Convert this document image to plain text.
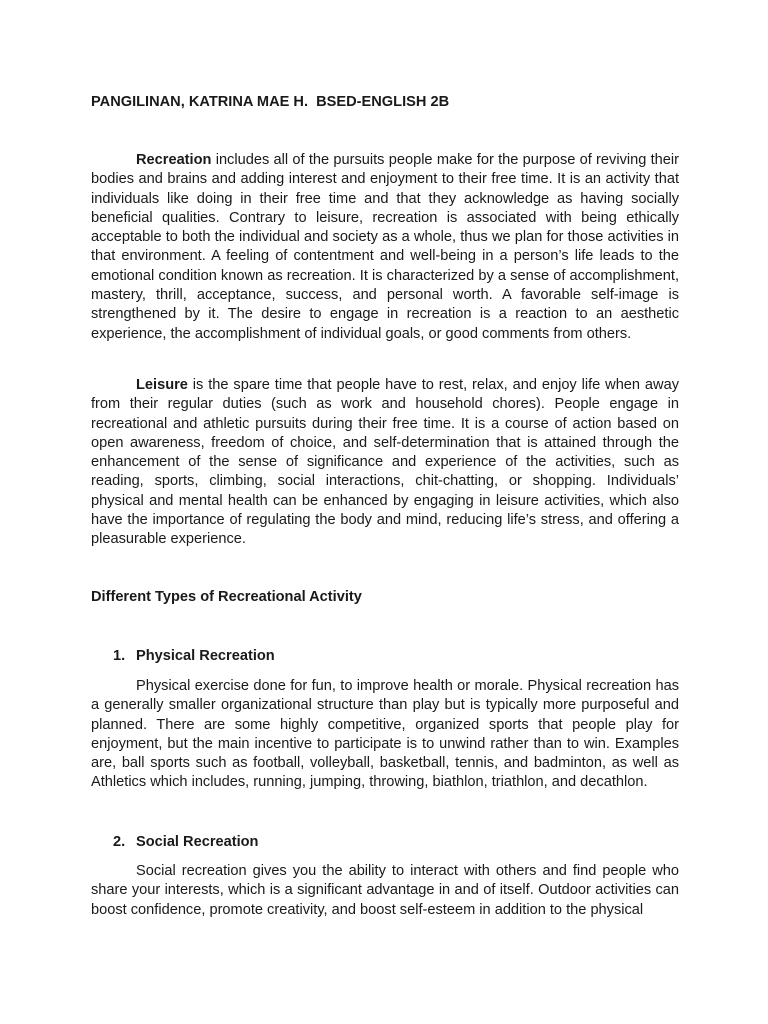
PANGILINAN, KATRINA MAE H. BSED-ENGLISH 2B

Recreation includes all of the pursuits people make for the purpose of reviving their bodies and brains and adding interest and enjoyment to their free time. It is an activity that individuals like doing in their free time and that they acknowledge as having socially beneficial qualities. Contrary to leisure, recreation is associated with being ethically acceptable to both the individual and society as a whole, thus we plan for those activities in that environment. A feeling of contentment and well-being in a person’s life leads to the emotional condition known as recreation. It is characterized by a sense of accomplishment, mastery, thrill, acceptance, success, and personal worth. A favorable self-image is strengthened by it. The desire to engage in recreation is a reaction to an aesthetic experience, the accomplishment of individual goals, or good comments from others.

Leisure is the spare time that people have to rest, relax, and enjoy life when away from their regular duties (such as work and household chores). People engage in recreational and athletic pursuits during their free time. It is a course of action based on open awareness, freedom of choice, and self-determination that is attained through the enhancement of the sense of significance and experience of the activities, such as reading, sports, climbing, social interactions, chit-chatting, or shopping. Individuals’ physical and mental health can be enhanced by engaging in leisure activities, which also have the importance of regulating the body and mind, reducing life’s stress, and offering a pleasurable experience.

Different Types of Recreational Activity
1. Physical Recreation

Physical exercise done for fun, to improve health or morale. Physical recreation has a generally smaller organizational structure than play but is typically more purposeful and planned. There are some highly competitive, organized sports that people play for enjoyment, but the main incentive to participate is to unwind rather than to win. Examples are, ball sports such as football, volleyball, basketball, tennis, and badminton, as well as Athletics which includes, running, jumping, throwing, biathlon, triathlon, and decathlon.

2. Social Recreation

Social recreation gives you the ability to interact with others and find people who share your interests, which is a significant advantage in and of itself. Outdoor activities can boost confidence, promote creativity, and boost self-esteem in addition to the physical
